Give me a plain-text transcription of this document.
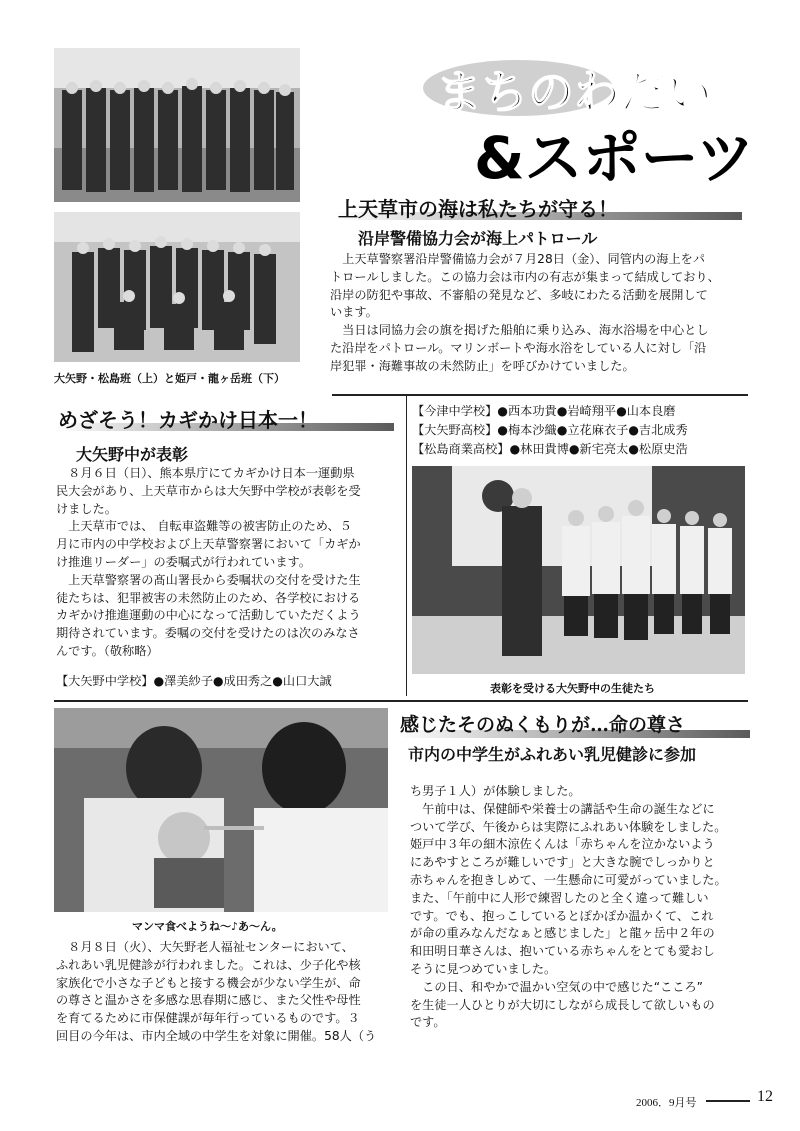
まちのわだい
&スポーツ
大矢野・松島班（上）と姫戸・龍ヶ岳班（下）
上天草市の海は私たちが守る！
沿岸警備協力会が海上パトロール

　上天草警察署沿岸警備協力会が７月28日（金）、同管内の海上をパ
トロールしました。この協力会は市内の有志が集まって結成しており、
沿岸の防犯や事故、不審船の発見など、多岐にわたる活動を展開して
います。
　当日は同協力会の旗を掲げた船舶に乗り込み、海水浴場を中心とし
た沿岸をパトロール。マリンボートや海水浴をしている人に対し「沿
岸犯罪・海難事故の未然防止」を呼びかけていました。

めざそう！カギかけ日本一！
大矢野中が表彰

　８月６日（日）、熊本県庁にてカギかけ日本一運動県
民大会があり、上天草市からは大矢野中学校が表彰を受
けました。
　上天草市では、 自転車盗難等の被害防止のため、５
月に市内の中学校および上天草警察署において「カギか
け推進リーダー」の委嘱式が行われています。
　上天草警察署の髙山署長から委嘱状の交付を受けた生
徒たちは、犯罪被害の未然防止のため、各学校における
カギかけ推進運動の中心になって活動していただくよう
期待されています。委嘱の交付を受けたのは次のみなさ
んです。（敬称略）

【大矢野中学校】●澤美紗子●成田秀之●山口大誠
【今津中学校】●西本功貴●岩崎翔平●山本良磨
【大矢野高校】●梅本沙織●立花麻衣子●吉北成秀
【松島商業高校】●林田貴博●新宅亮太●松原史浩
表彰を受ける大矢野中の生徒たち
マンマ食べようね～♪あ～ん。
感じたそのぬくもりが…命の尊さ
市内の中学生がふれあい乳児健診に参加

　８月８日（火）、大矢野老人福祉センターにおいて、
ふれあい乳児健診が行われました。これは、少子化や核
家族化で小さな子どもと接する機会が少ない学生が、命
の尊さと温かさを多感な思春期に感じ、また父性や母性
を育てるために市保健課が毎年行っているものです。３
回目の今年は、市内全域の中学生を対象に開催。58人（う

ち男子１人）が体験しました。
　午前中は、保健師や栄養士の講話や生命の誕生などに
ついて学び、午後からは実際にふれあい体験をしました。
姫戸中３年の細木涼佐くんは「赤ちゃんを泣かないよう
にあやすところが難しいです」と大きな腕でしっかりと
赤ちゃんを抱きしめて、一生懸命に可愛がっていました。
また、「午前中に人形で練習したのと全く違って難しい
です。でも、抱っこしているとぽかぽか温かくて、これ
が命の重みなんだなぁと感じました」と龍ヶ岳中２年の
和田明日華さんは、抱いている赤ちゃんをとても愛おし
そうに見つめていました。
　この日、和やかで温かい空気の中で感じた“こころ”
を生徒一人ひとりが大切にしながら成長して欲しいもの
です。

2006．9月号	12
